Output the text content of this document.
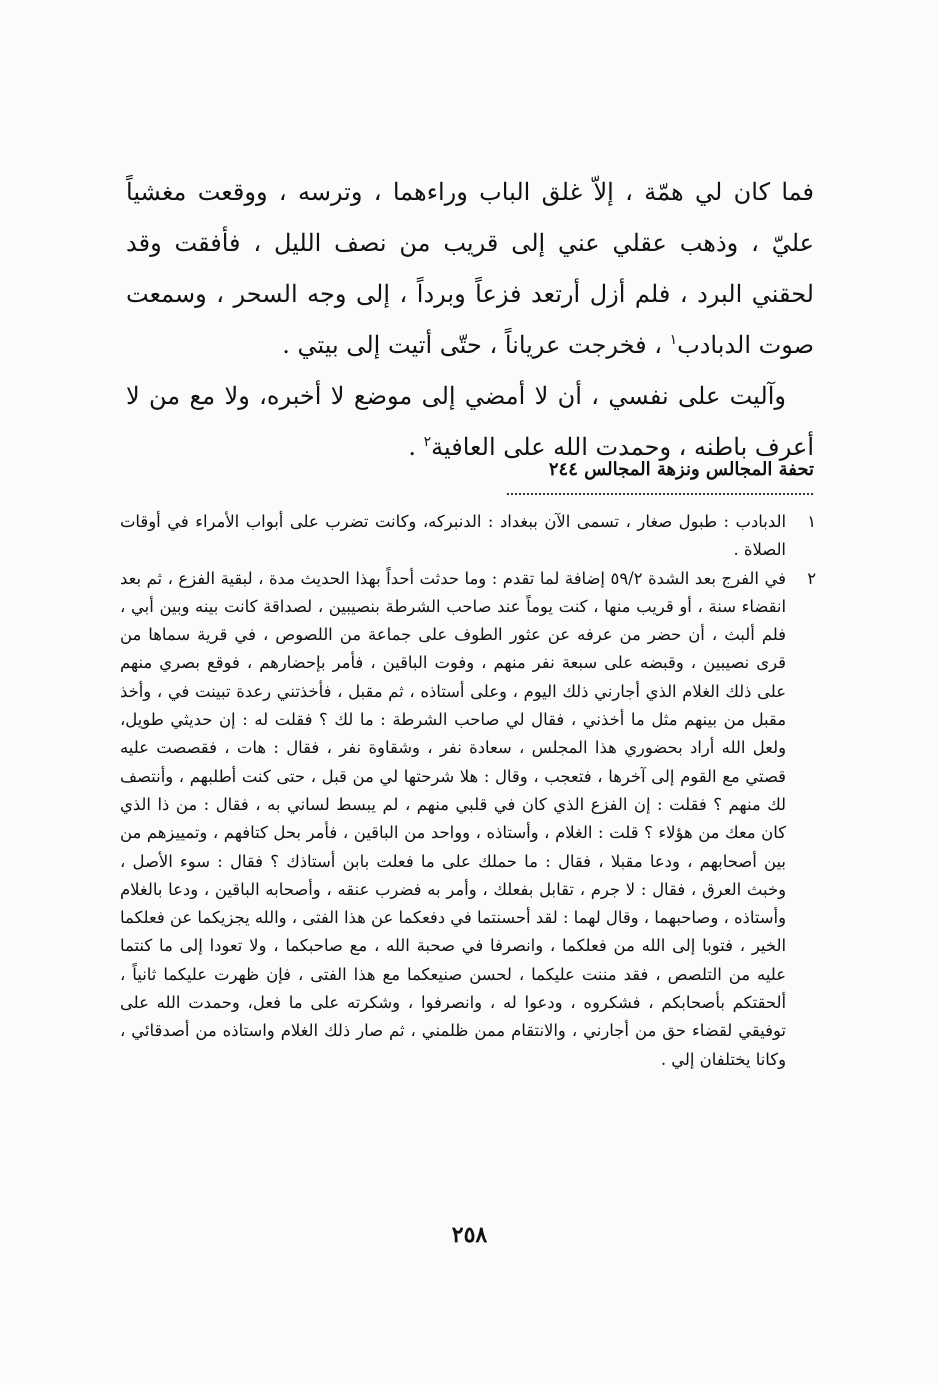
فما كان لي همّة ، إلاّ غلق الباب وراءهما ، وترسه ، ووقعت مغشياً عليّ ، وذهب عقلي عني إلى قريب من نصف الليل ، فأفقت وقد لحقني البرد ، فلم أزل أرتعد فزعاً وبرداً ، إلى وجه السحر ، وسمعت صوت الدبادب$^١$ ، فخرجت عرياناً ، حتّى أتيت إلى بيتي .

وآليت على نفسي ، أن لا أمضي إلى موضع لا أخبره، ولا مع من لا أعرف باطنه ، وحمدت الله على العافية$^٢$ .

تحفة المجالس ونزهة المجالس ٢٤٤
١
الدبادب : طبول صغار ، تسمى الآن ببغداد : الدنبركه، وكانت تضرب على أبواب الأمراء في أوقات الصلاة .
٢
في الفرج بعد الشدة ٥٩/٢ إضافة لما تقدم : وما حدثت أحداً بهذا الحديث مدة ، لبقية الفزع ، ثم بعد انقضاء سنة ، أو قريب منها ، كنت يوماً عند صاحب الشرطة بنصيبين ، لصداقة كانت بينه وبين أبي ، فلم ألبث ، أن حضر من عرفه عن عثور الطوف على جماعة من اللصوص ، في قرية سماها من قرى نصيبين ، وقبضه على سبعة نفر منهم ، وفوت الباقين ، فأمر بإحضارهم ، فوقع بصري منهم على ذلك الغلام الذي أجارني ذلك اليوم ، وعلى أستاذه ، ثم مقبل ، فأخذتني رعدة تبينت في ، وأخذ مقبل من بينهم مثل ما أخذني ، فقال لي صاحب الشرطة : ما لك ؟ فقلت له : إن حديثي طويل، ولعل الله أراد بحضوري هذا المجلس ، سعادة نفر ، وشقاوة نفر ، فقال : هات ، فقصصت عليه قصتي مع القوم إلى آخرها ، فتعجب ، وقال : هلا شرحتها لي من قبل ، حتى كنت أطلبهم ، وأنتصف لك منهم ؟ فقلت : إن الفزع الذي كان في قلبي منهم ، لم يبسط لساني به ، فقال : من ذا الذي كان معك من هؤلاء ؟ قلت : الغلام ، وأستاذه ، وواحد من الباقين ، فأمر بحل كتافهم ، وتمييزهم من بين أصحابهم ، ودعا مقبلا ، فقال : ما حملك على ما فعلت بابن أستاذك ؟ فقال : سوء الأصل ، وخبث العرق ، فقال : لا جرم ، تقابل بفعلك ، وأمر به فضرب عنقه ، وأصحابه الباقين ، ودعا بالغلام وأستاذه ، وصاحبهما ، وقال لهما : لقد أحسنتما في دفعكما عن هذا الفتى ، والله يجزيكما عن فعلكما الخير ، فتوبا إلى الله من فعلكما ، وانصرفا في صحبة الله ، مع صاحبكما ، ولا تعودا إلى ما كنتما عليه من التلصص ، فقد مننت عليكما ، لحسن صنيعكما مع هذا الفتى ، فإن ظهرت عليكما ثانياً ، ألحقتكم بأصحابكم ، فشكروه ، ودعوا له ، وانصرفوا ، وشكرته على ما فعل، وحمدت الله على توفيقي لقضاء حق من أجارني ، والانتقام ممن ظلمني ، ثم صار ذلك الغلام واستاذه من أصدقائي ، وكانا يختلفان إلي .
٢٥٨
